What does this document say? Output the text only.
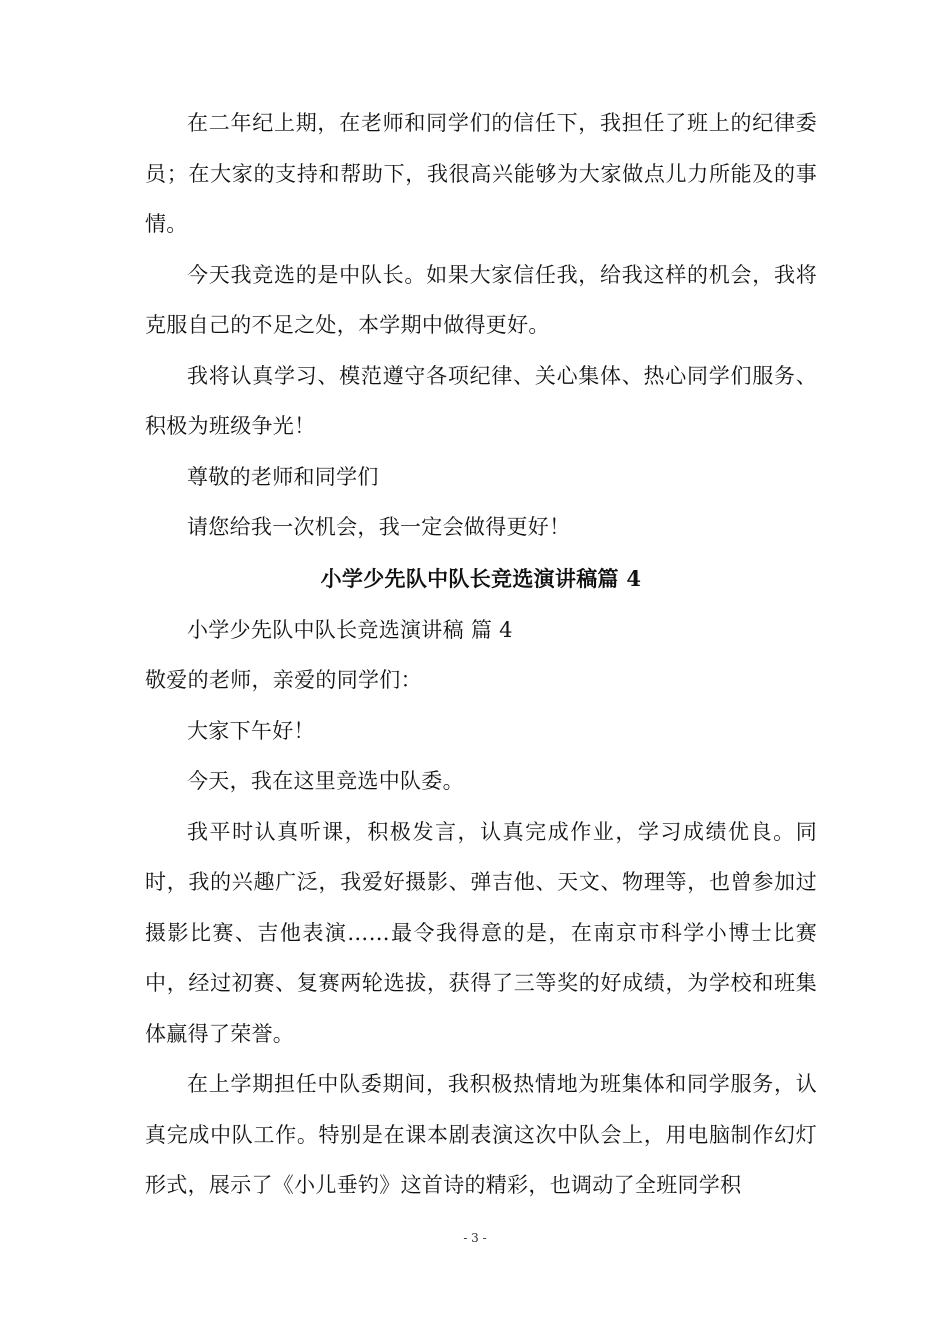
在二年纪上期，在老师和同学们的信任下，我担任了班上的纪律委员；在大家的支持和帮助下，我很高兴能够为大家做点儿力所能及的事情。

今天我竞选的是中队长。如果大家信任我，给我这样的机会，我将克服自己的不足之处，本学期中做得更好。

我将认真学习、模范遵守各项纪律、关心集体、热心同学们服务、积极为班级争光！

尊敬的老师和同学们

请您给我一次机会，我一定会做得更好！

小学少先队中队长竞选演讲稿篇 4

小学少先队中队长竞选演讲稿 篇 4

敬爱的老师，亲爱的同学们：

大家下午好！

今天，我在这里竞选中队委。

我平时认真听课，积极发言，认真完成作业，学习成绩优良。同时，我的兴趣广泛，我爱好摄影、弹吉他、天文、物理等，也曾参加过摄影比赛、吉他表演……最令我得意的是，在南京市科学小博士比赛中，经过初赛、复赛两轮选拔，获得了三等奖的好成绩，为学校和班集体赢得了荣誉。

在上学期担任中队委期间，我积极热情地为班集体和同学服务，认真完成中队工作。特别是在课本剧表演这次中队会上，用电脑制作幻灯形式，展示了《小儿垂钓》这首诗的精彩，也调动了全班同学积

- 3 -
